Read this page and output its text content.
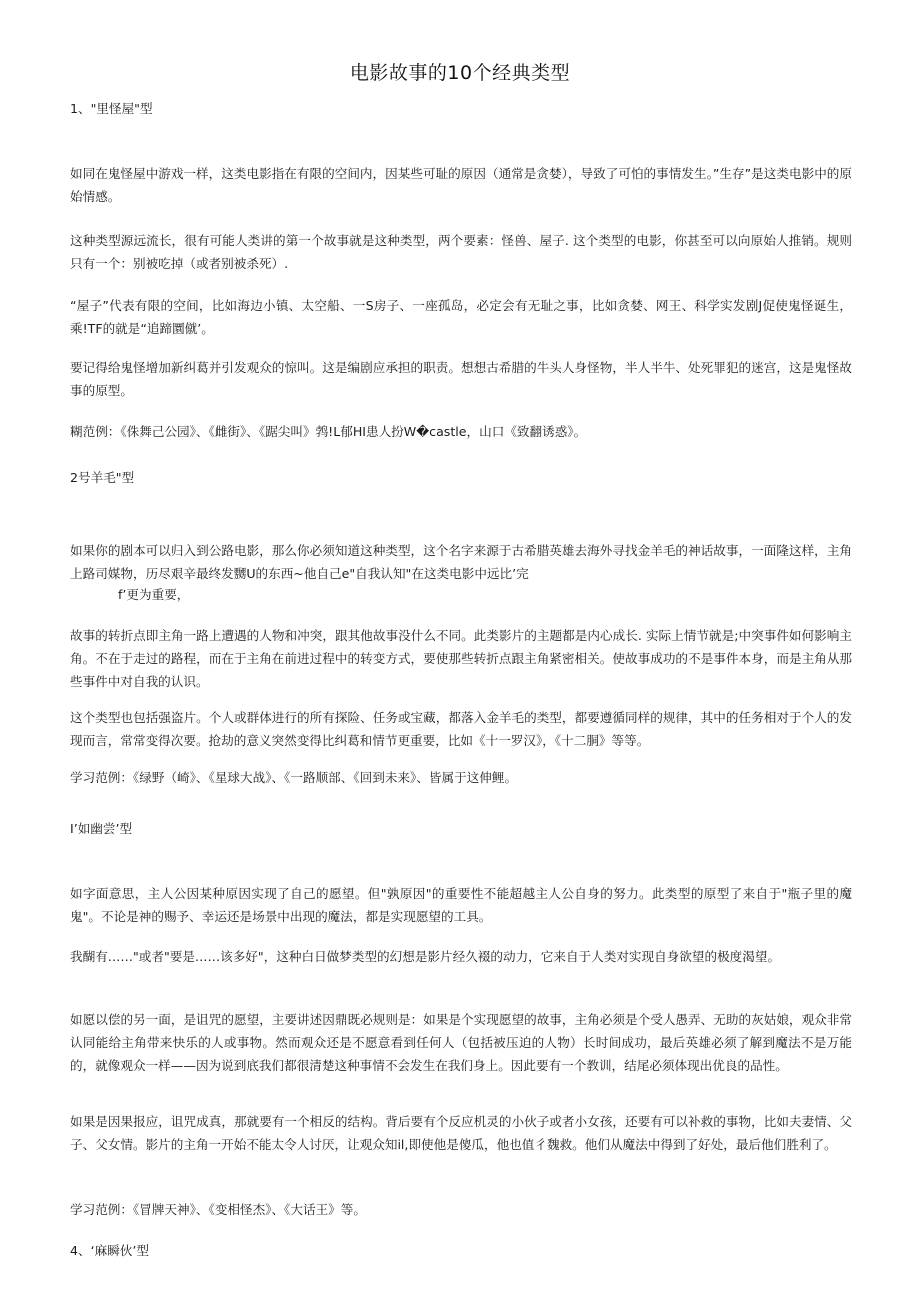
电影故事的10个经典类型
1、"里怪屋"型
如同在鬼怪屋中游戏一样，这类电影指在有限的空间内，因某些可耻的原因（通常是贪婪），导致了可怕的事情发生。”生存”是这类电影中的原始情感。
这种类型源远流长，很有可能人类讲的第一个故事就是这种类型，两个要素：怪兽、屋子. 这个类型的电影，你甚至可以向原始人推销。规则只有一个：别被吃掉（或者别被杀死）.
“屋子”代表有限的空间，比如海边小镇、太空船、一S房子、一座孤岛，必定会有无耻之事，比如贪婪、网王、科学实发剧J促使鬼怪诞生，乘!TF的就是“追蹄圜僦’。
要记得给鬼怪增加新纠葛并引发观众的惊叫。这是编剧应承担的职责。想想古希腊的牛头人身怪物，半人半牛、处死罪犯的迷宫，这是鬼怪故事的原型。
糊范例：《侏舞己公园》、《雌街》、《踞尖叫》鹁!L郁HI患人扮W�castle，山口《致翻诱惑》。
2号羊毛"型
如果你的剧本可以归入到公路电影，那么你必须知道这种类型，这个名字来源于古希腊英雄去海外寻找金羊毛的神话故事，一面隆这样，主角上路司媒物，历尽艰辛最终发嬲U的东西~他自己e"自我认知"在这类电影中远比’完
f’更为重要，
故事的转折点即主角一路上遭遇的人物和冲突，跟其他故事没什么不同。此类影片的主题都是内心成长. 实际上情节就是;中突事件如何影响主角。不在于走过的路程，而在于主角在前进过程中的转变方式，要使那些转折点跟主角紧密相关。使故事成功的不是事件本身，而是主角从那些事件中对自我的认识。
这个类型也包括强盗片。个人或群体进行的所有探险、任务或宝藏，都落入金羊毛的类型，都要遵循同样的规律，其中的任务相对于个人的发现而言，常常变得次要。抢劫的意义突然变得比纠葛和情节更重要，比如《十一罗汉》，《十二胴》等等。
学习范例：《绿野（崎》、《星球大战》、《一路顺部、《回到未来》、皆属于这伸鲤。
I’如幽尝’型
如字面意思，主人公因某种原因实现了自己的愿望。但"孰原因"的重要性不能超越主人公自身的努力。此类型的原型了来自于"瓶子里的魔鬼"。不论是神的赐予、幸运还是场景中出现的魔法，都是实现愿望的工具。
我醐有……"或者"要是……该多好"，这种白日做梦类型的幻想是影片经久裰的动力，它来自于人类对实现自身欲望的极度渴望。
如愿以偿的另一面，是诅咒的愿望，主要讲述因鼎既必规则是：如果是个实现愿望的故事，主角必须是个受人愚弄、无助的灰姑娘，观众非常认同能给主角带来快乐的人或事物。然而观众还是不愿意看到任何人（包括被压迫的人物）长时间成功，最后英雄必须了解到魔法不是万能的，就像观众一样——因为说到底我们都很清楚这种事情不会发生在我们身上。因此要有一个教训，结尾必须体现出优良的品性。
如果是因果报应，诅咒成真，那就要有一个相反的结构。背后要有个反应机灵的小伙子或者小女孩，还要有可以补救的事物，比如夫妻情、父子、父女情。影片的主角一开始不能太令人讨厌，让观众知il,即使他是傻瓜，他也值彳魏救。他们从魔法中得到了好处，最后他们胜利了。
学习范例：《冒牌天神》、《变相怪杰》、《大话王》等。
4、‘麻瞬伙’型
